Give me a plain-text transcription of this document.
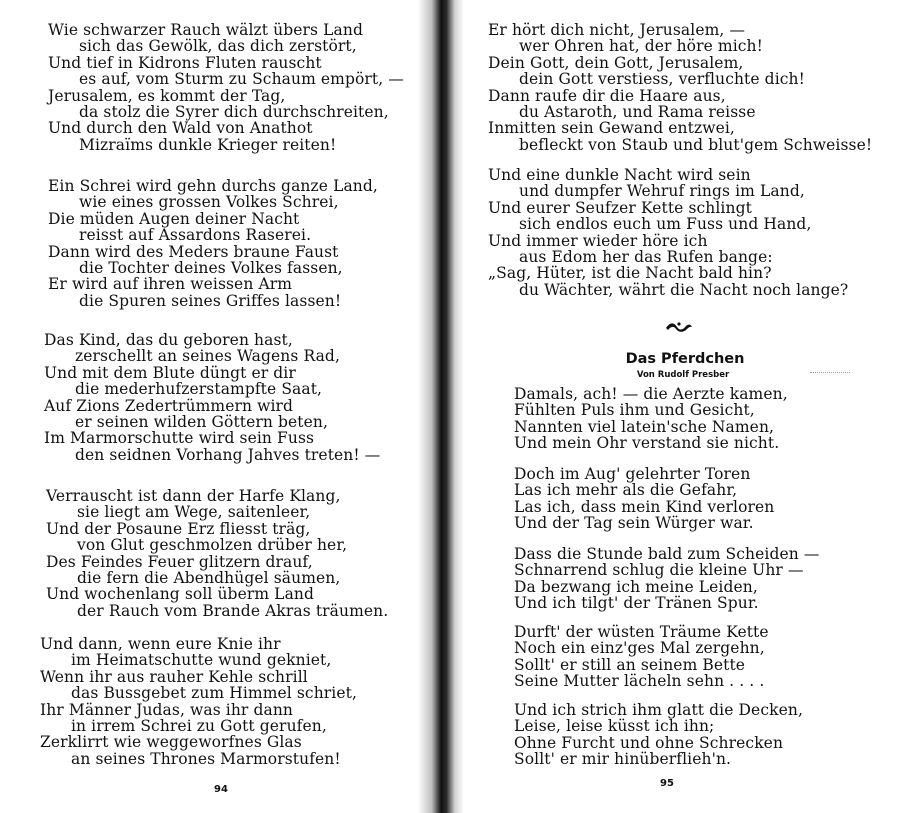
Wie schwarzer Rauch wälzt übers Land
sich das Gewölk, das dich zerstört,
Und tief in Kidrons Fluten rauscht
es auf, vom Sturm zu Schaum empört, —
Jerusalem, es kommt der Tag,
da stolz die Syrer dich durchschreiten,
Und durch den Wald von Anathot
Mizraïms dunkle Krieger reiten!
Ein Schrei wird gehn durchs ganze Land,
wie eines grossen Volkes Schrei,
Die müden Augen deiner Nacht
reisst auf Assardons Raserei.
Dann wird des Meders braune Faust
die Tochter deines Volkes fassen,
Er wird auf ihren weissen Arm
die Spuren seines Griffes lassen!
Das Kind, das du geboren hast,
zerschellt an seines Wagens Rad,
Und mit dem Blute düngt er dir
die mederhufzerstampfte Saat,
Auf Zions Zedertrümmern wird
er seinen wilden Göttern beten,
Im Marmorschutte wird sein Fuss
den seidnen Vorhang Jahves treten! —
Verrauscht ist dann der Harfe Klang,
sie liegt am Wege, saitenleer,
Und der Posaune Erz fliesst träg,
von Glut geschmolzen drüber her,
Des Feindes Feuer glitzern drauf,
die fern die Abendhügel säumen,
Und wochenlang soll überm Land
der Rauch vom Brande Akras träumen.
Und dann, wenn eure Knie ihr
im Heimatschutte wund gekniet,
Wenn ihr aus rauher Kehle schrill
das Bussgebet zum Himmel schriet,
Ihr Männer Judas, was ihr dann
in irrem Schrei zu Gott gerufen,
Zerklirrt wie weggeworfnes Glas
an seines Thrones Marmorstufen!
94
Er hört dich nicht, Jerusalem, —
wer Ohren hat, der höre mich!
Dein Gott, dein Gott, Jerusalem,
dein Gott verstiess, verfluchte dich!
Dann raufe dir die Haare aus,
du Astaroth, und Rama reisse
Inmitten sein Gewand entzwei,
befleckt von Staub und blut'gem Schweisse!
Und eine dunkle Nacht wird sein
und dumpfer Wehruf rings im Land,
Und eurer Seufzer Kette schlingt
sich endlos euch um Fuss und Hand,
Und immer wieder höre ich
aus Edom her das Rufen bange:
„Sag, Hüter, ist die Nacht bald hin?
du Wächter, währt die Nacht noch lange?
Das Pferdchen
Von Rudolf Presber
Damals, ach! — die Aerzte kamen,
Fühlten Puls ihm und Gesicht,
Nannten viel latein'sche Namen,
Und mein Ohr verstand sie nicht.
Doch im Aug' gelehrter Toren
Las ich mehr als die Gefahr,
Las ich, dass mein Kind verloren
Und der Tag sein Würger war.
Dass die Stunde bald zum Scheiden —
Schnarrend schlug die kleine Uhr —
Da bezwang ich meine Leiden,
Und ich tilgt' der Tränen Spur.
Durft' der wüsten Träume Kette
Noch ein einz'ges Mal zergehn,
Sollt' er still an seinem Bette
Seine Mutter lächeln sehn . . . .
Und ich strich ihm glatt die Decken,
Leise, leise küsst ich ihn;
Ohne Furcht und ohne Schrecken
Sollt' er mir hinüberflieh'n.
95
